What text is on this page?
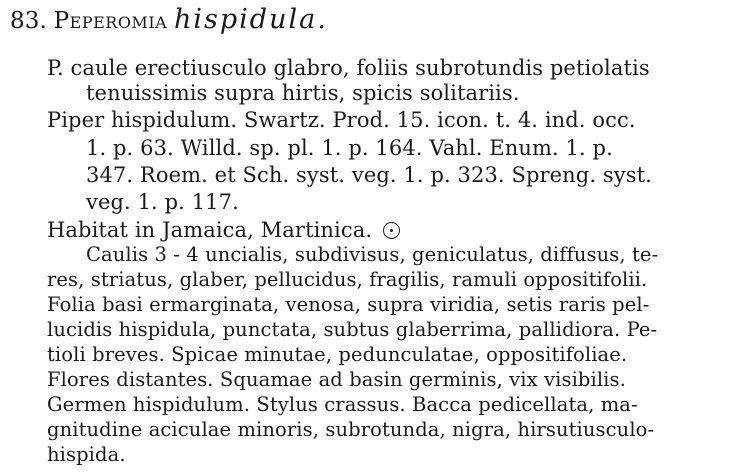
83. Peperomia hispidula.
P. caule erectiusculo glabro, foliis subrotundis petiolatis
tenuissimis supra hirtis, spicis solitariis.
Piper hispidulum. Swartz. Prod. 15. icon. t. 4. ind. occ.
1. p. 63. Willd. sp. pl. 1. p. 164. Vahl. Enum. 1. p.
347. Roem. et Sch. syst. veg. 1. p. 323. Spreng. syst.
veg. 1. p. 117.
Habitat in Jamaica, Martinica.
Caulis 3 - 4 uncialis, subdivisus, geniculatus, diffusus, te-
res, striatus, glaber, pellucidus, fragilis, ramuli oppositifolii.
Folia basi ermarginata, venosa, supra viridia, setis raris pel-
lucidis hispidula, punctata, subtus glaberrima, pallidiora. Pe-
tioli breves. Spicae minutae, pedunculatae, oppositifoliae.
Flores distantes. Squamae ad basin germinis, vix visibilis.
Germen hispidulum. Stylus crassus. Bacca pedicellata, ma-
gnitudine aciculae minoris, subrotunda, nigra, hirsutiusculo-
hispida.
